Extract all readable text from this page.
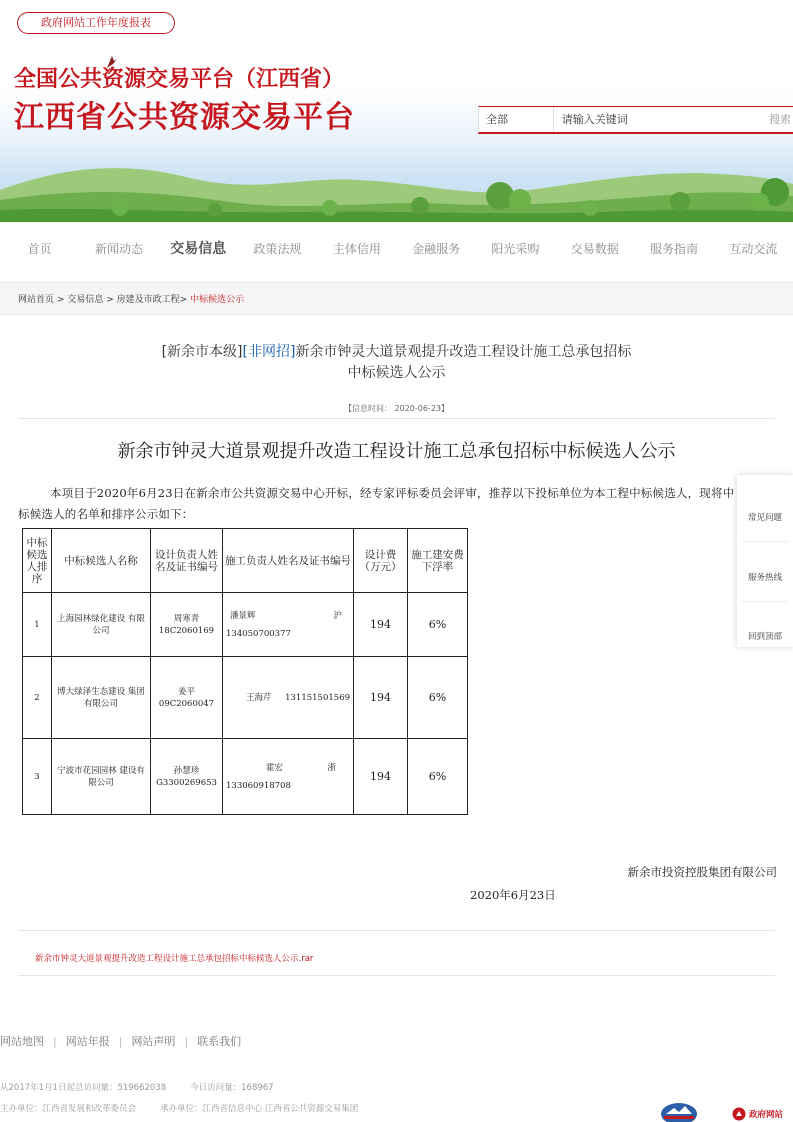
政府网站工作年度报表
全国公共资源交易平台（江西省）
江西省公共资源交易平台	全部
请输入关键词	搜索
首页	新闻动态	交易信息	政策法规	主体信用	金融服务	阳光采购	交易数据	服务指南	互动交流
网站首页 > 交易信息 > 房建及市政工程> 中标候选公示
[新余市本级][非网招]新余市钟灵大道景观提升改造工程设计施工总承包招标
中标候选人公示
【信息时间： 2020-06-23】
新余市钟灵大道景观提升改造工程设计施工总承包招标中标候选人公示
本项目于2020年6月23日在新余市公共资源交易中心开标，经专家评标委员会评审，推荐以下投标单位为本工程中标候选人，现将中标候选人的名单和排序公示如下：
中标候选人排序	中标候选人名称	设计负责人姓名及证书编号	施工负责人姓名及证书编号	设计费（万元）	施工建安费下浮率
1	上海园林绿化建设 有限公司	周寒青 18C2060169	潘景辉 沪
134050700377	194	6%
2	博大绿泽生态建设 集团有限公司	姜平09C2060047	王海芹 131151501569	194	6%
3	宁波市花园园林 建设有限公司	孙慧珍 G3300269653	霍宏 浙
133060918708	194	6%
新余市投资控股集团有限公司
2020年6月23日
新余市钟灵大道景观提升改造工程设计施工总承包招标中标候选人公示.rar
常见问题
服务热线
回到顶部
网站地图 | 网站年报 | 网站声明 | 联系我们
从2017年1月1日起总访问量：519662038	今日访问量：168967
主办单位：江西省发展和改革委员会	承办单位：江西省信息中心 江西省公共资源交易集团
政府网站
